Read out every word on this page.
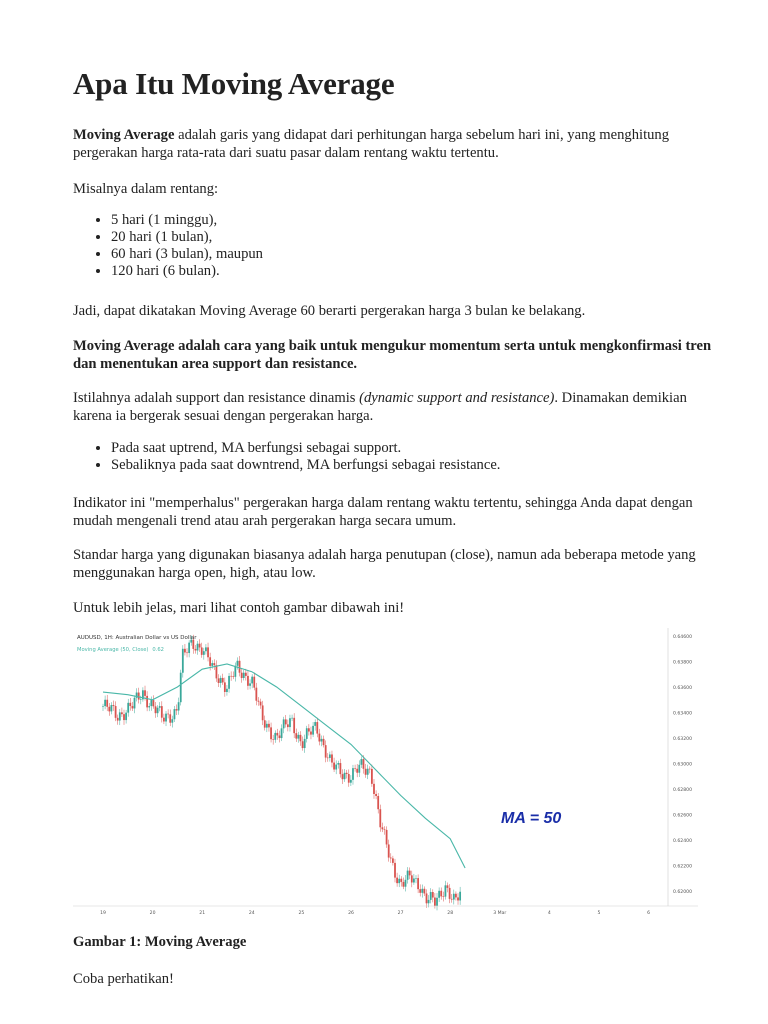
Apa Itu Moving Average

Moving Average adalah garis yang didapat dari perhitungan harga sebelum hari ini, yang menghitung pergerakan harga rata-rata dari suatu pasar dalam rentang waktu tertentu.

Misalnya dalam rentang:

• 5 hari (1 minggu),
• 20 hari (1 bulan),
• 60 hari (3 bulan), maupun
• 120 hari (6 bulan).

Jadi, dapat dikatakan Moving Average 60 berarti pergerakan harga 3 bulan ke belakang.

Moving Average adalah cara yang baik untuk mengukur momentum serta untuk mengkonfirmasi tren dan menentukan area support dan resistance.

Istilahnya adalah support dan resistance dinamis (dynamic support and resistance). Dinamakan demikian karena ia bergerak sesuai dengan pergerakan harga.

• Pada saat uptrend, MA berfungsi sebagai support.
• Sebaliknya pada saat downtrend, MA berfungsi sebagai resistance.

Indikator ini "memperhalus" pergerakan harga dalam rentang waktu tertentu, sehingga Anda dapat dengan mudah mengenali trend atau arah pergerakan harga secara umum.

Standar harga yang digunakan biasanya adalah harga penutupan (close), namun ada beberapa metode yang menggunakan harga open, high, atau low.

Untuk lebih jelas, mari lihat contoh gambar dibawah ini!

AUDUSD, 1H: Australian Dollar vs US Dollar
Moving Average (50, Close) 0.62
MA = 50
0.64600
0.63800
0.63600
0.63400
0.63200
0.63000
0.62800
0.62600
0.62400
0.62200
0.62000
19	20	21	24	25	26	27	28	3 Mar	4	5	6

Gambar 1: Moving Average

Coba perhatikan!
